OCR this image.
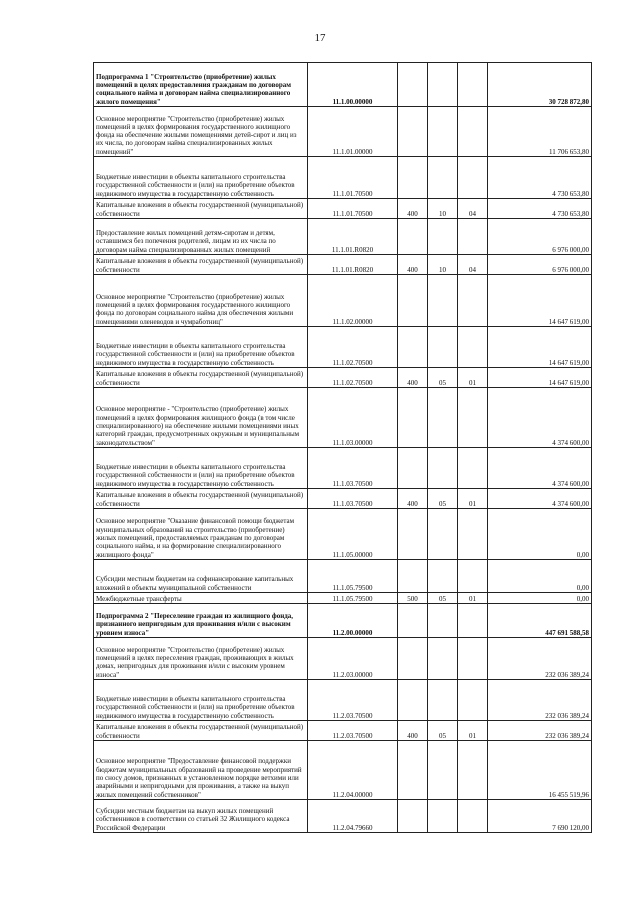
17
Подпрограмма 1 "Строительство (приобретение) жилых помещений в целях предоставления гражданам по договорам социального найма и договорам найма специализированного жилого помещения"	11.1.00.00000				30 728 872,80
Основное мероприятие "Строительство (приобретение) жилых помещений в целях формирования государственного жилищного фонда на обеспечение жилыми помещениями детей-сирот и лиц из их числа, по договорам найма специализированных жилых помещений"	11.1.01.00000				11 706 653,80
Бюджетные инвестиции в объекты капитального строительства государственной собственности и (или) на приобретение объектов недвижимого имущества в государственную собственность	11.1.01.70500				4 730 653,80
Капитальные вложения в объекты государственной (муниципальной) собственности	11.1.01.70500	400	10	04	4 730 653,80
Предоставление жилых помещений детям-сиротам и детям, оставшимся без попечения родителей, лицам из их числа по договорам найма специализированных жилых помещений	11.1.01.R0820				6 976 000,00
Капитальные вложения в объекты государственной (муниципальной) собственности	11.1.01.R0820	400	10	04	6 976 000,00
Основное мероприятие "Строительство (приобретение) жилых помещений в целях формирования государственного жилищного фонда по договорам социального найма для обеспечения жилыми помещениями оленеводов и чумработниц"	11.1.02.00000				14 647 619,00
Бюджетные инвестиции в объекты капитального строительства государственной собственности и (или) на приобретение объектов недвижимого имущества в государственную собственность	11.1.02.70500				14 647 619,00
Капитальные вложения в объекты государственной (муниципальной) собственности	11.1.02.70500	400	05	01	14 647 619,00
Основное мероприятие - "Строительство (приобретение) жилых помещений в целях формирования жилищного фонда (в том числе специализированного) на обеспечение жилыми помещениями иных категорий граждан, предусмотренных окружным и муниципальным законодательством"	11.1.03.00000				4 374 600,00
Бюджетные инвестиции в объекты капитального строительства государственной собственности и (или) на приобретение объектов недвижимого имущества в государственную собственность	11.1.03.70500				4 374 600,00
Капитальные вложения в объекты государственной (муниципальной) собственности	11.1.03.70500	400	05	01	4 374 600,00
Основное мероприятие "Оказание финансовой помощи бюджетам муниципальных образований на строительство (приобретение) жилых помещений, предоставляемых гражданам по договорам социального найма, и на формирование специализированного жилищного фонда"	11.1.05.00000				0,00
Субсидии местным бюджетам на софинансирование капитальных вложений в объекты муниципальной собственности	11.1.05.79500				0,00
Межбюджетные трансферты	11.1.05.79500	500	05	01	0,00
Подпрограмма 2 "Переселение граждан из жилищного фонда, признанного непригодным для проживания и/или с высоким уровнем износа"	11.2.00.00000				447 691 588,58
Основное мероприятие "Строительство (приобретение) жилых помещений в целях переселения граждан, проживающих в жилых домах, непригодных для проживания и/или с высоким уровнем износа"	11.2.03.00000				232 036 389,24
Бюджетные инвестиции в объекты капитального строительства государственной собственности и (или) на приобретение объектов недвижимого имущества в государственную собственность	11.2.03.70500				232 036 389,24
Капитальные вложения в объекты государственной (муниципальной) собственности	11.2.03.70500	400	05	01	232 036 389,24
Основное мероприятие "Предоставление финансовой поддержки бюджетам муниципальных образований на проведение мероприятий по сносу домов, признанных в установленном порядке ветхими или аварийными и непригодными для проживания, а также на выкуп жилых помещений собственников"	11.2.04.00000				16 455 519,96
Субсидии местным бюджетам на выкуп жилых помещений собственников в соответствии со статьей 32 Жилищного кодекса Российской Федерации	11.2.04.79660				7 690 120,00
